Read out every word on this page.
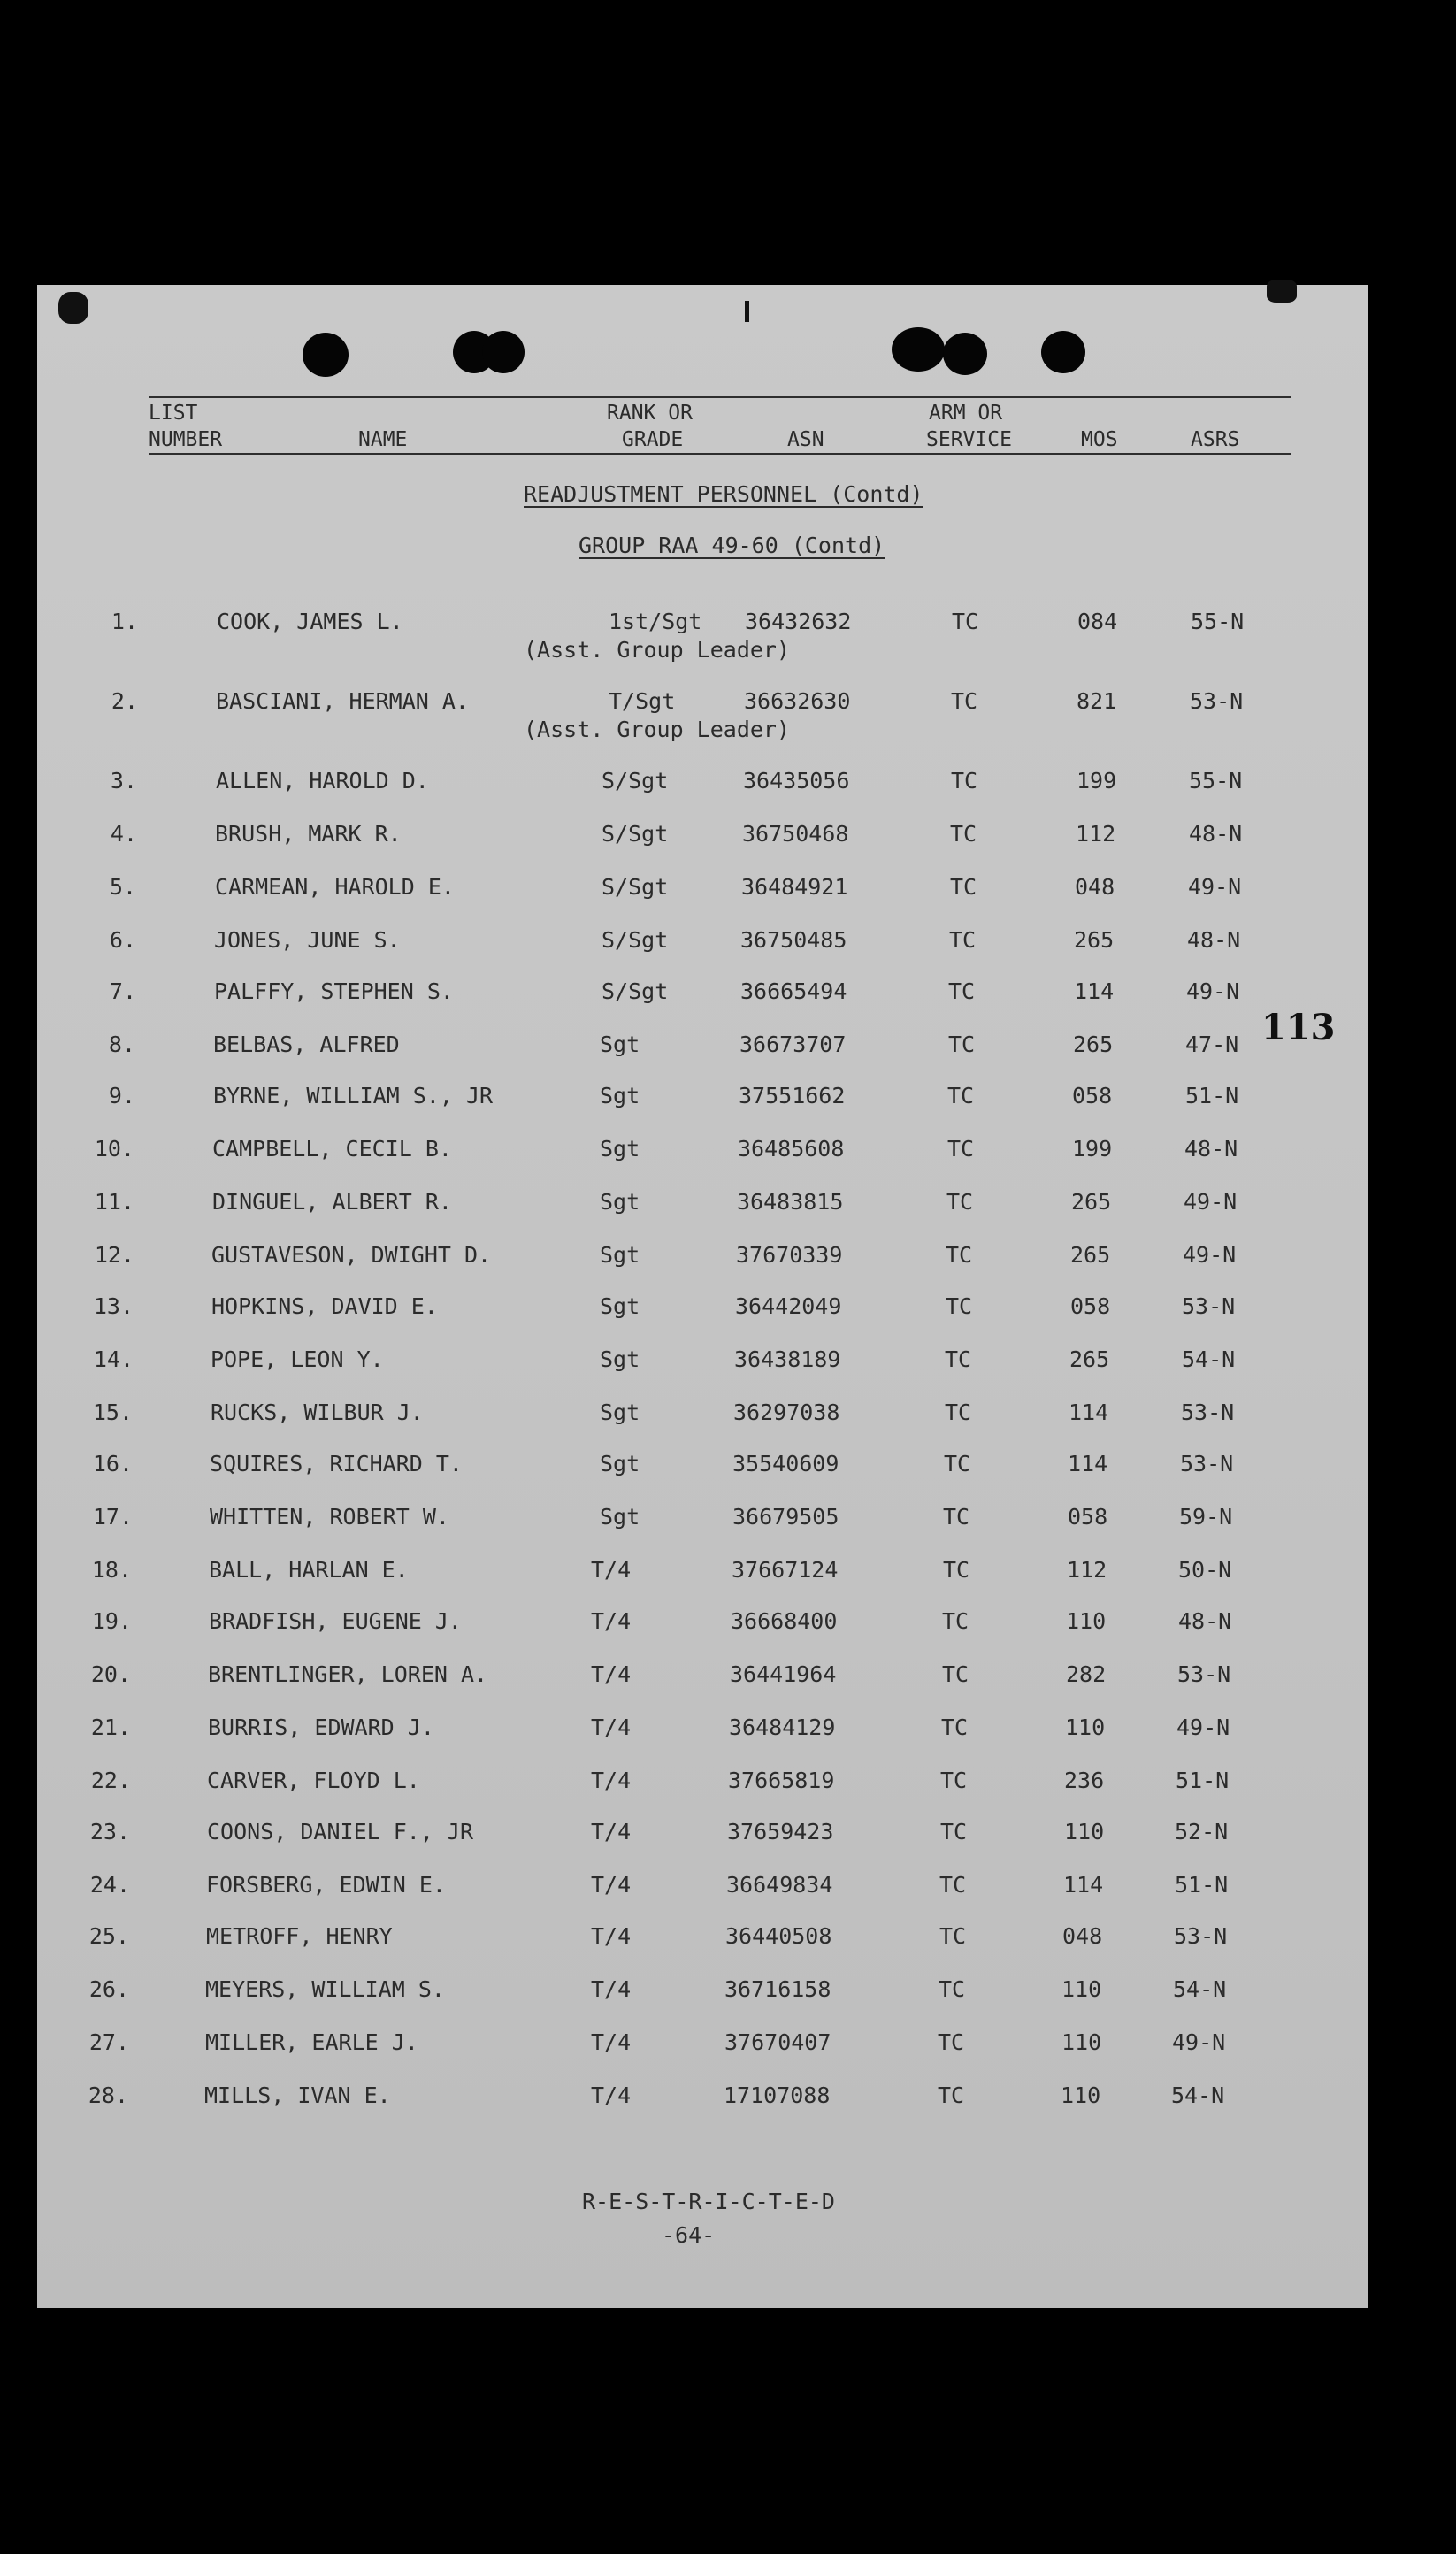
LIST
NUMBER	NAME
RANK OR
GRADE	ASN
ARM OR
SERVICE	MOS	ASRS
READJUSTMENT PERSONNEL (Contd)
GROUP RAA 49-60 (Contd)
113
1.	COOK, JAMES L.	1st/Sgt 36432632	TC	084	55-N
(Asst. Group Leader)
2.	BASCIANI, HERMAN A.	T/Sgt	36632630	TC	821	53-N
(Asst. Group Leader)
3.	ALLEN, HAROLD D.	S/Sgt	36435056	TC	199	55-N
4.	BRUSH, MARK R.	S/Sgt	36750468	TC	112	48-N
5.	CARMEAN, HAROLD E.	S/Sgt	36484921	TC	048	49-N
6.	JONES, JUNE S.	S/Sgt	36750485	TC	265	48-N
7.	PALFFY, STEPHEN S.	S/Sgt	36665494	TC	114	49-N
8.	BELBAS, ALFRED	Sgt	36673707	TC	265	47-N
9.	BYRNE, WILLIAM S., JR	Sgt	37551662	TC	058	51-N
10.	CAMPBELL, CECIL B.	Sgt	36485608	TC	199	48-N
11.	DINGUEL, ALBERT R.	Sgt	36483815	TC	265	49-N
12.	GUSTAVESON, DWIGHT D.	Sgt	37670339	TC	265	49-N
13.	HOPKINS, DAVID E.	Sgt	36442049	TC	058	53-N
14.	POPE, LEON Y.	Sgt	36438189	TC	265	54-N
15.	RUCKS, WILBUR J.	Sgt	36297038	TC	114	53-N
16.	SQUIRES, RICHARD T.	Sgt	35540609	TC	114	53-N
17.	WHITTEN, ROBERT W.	Sgt	36679505	TC	058	59-N
18.	BALL, HARLAN E.	T/4	37667124	TC	112	50-N
19.	BRADFISH, EUGENE J.	T/4	36668400	TC	110	48-N
20.	BRENTLINGER, LOREN A.	T/4	36441964	TC	282	53-N
21.	BURRIS, EDWARD J.	T/4	36484129	TC	110	49-N
22.	CARVER, FLOYD L.	T/4	37665819	TC	236	51-N
23.	COONS, DANIEL F., JR	T/4	37659423	TC	110	52-N
24.	FORSBERG, EDWIN E.	T/4	36649834	TC	114	51-N
25.	METROFF, HENRY	T/4	36440508	TC	048	53-N
26.	MEYERS, WILLIAM S.	T/4	36716158	TC	110	54-N
27.	MILLER, EARLE J.	T/4	37670407	TC	110	49-N
28.	MILLS, IVAN E.	T/4	17107088	TC	110	54-N
R-E-S-T-R-I-C-T-E-D
-64-
